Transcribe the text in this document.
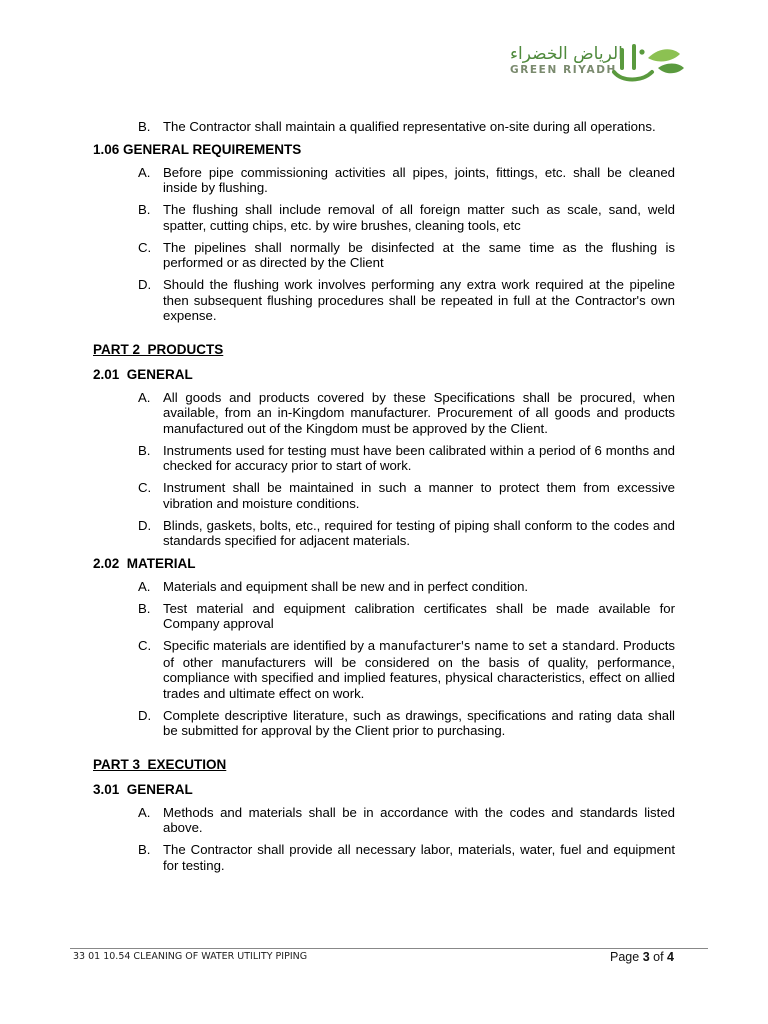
الرياض الخضراء
GREEN RIYADH
B. The Contractor shall maintain a qualified representative on-site during all operations.
1.06 GENERAL REQUIREMENTS
A. Before pipe commissioning activities all pipes, joints, fittings, etc. shall be cleaned inside by flushing.
B. The flushing shall include removal of all foreign matter such as scale, sand, weld spatter, cutting chips, etc. by wire brushes, cleaning tools, etc
C. The pipelines shall normally be disinfected at the same time as the flushing is performed or as directed by the Client
D. Should the flushing work involves performing any extra work required at the pipeline then subsequent flushing procedures shall be repeated in full at the Contractor's own expense.
PART 2  PRODUCTS
2.01  GENERAL
A. All goods and products covered by these Specifications shall be procured, when available, from an in-Kingdom manufacturer. Procurement of all goods and products manufactured out of the Kingdom must be approved by the Client.
B. Instruments used for testing must have been calibrated within a period of 6 months and checked for accuracy prior to start of work.
C. Instrument shall be maintained in such a manner to protect them from excessive vibration and moisture conditions.
D. Blinds, gaskets, bolts, etc., required for testing of piping shall conform to the codes and standards specified for adjacent materials.
2.02  MATERIAL
A. Materials and equipment shall be new and in perfect condition.
B. Test material and equipment calibration certificates shall be made available for Company approval
C. Specific materials are identified by a manufacturer's name to set a standard. Products of other manufacturers will be considered on the basis of quality, performance, compliance with specified and implied features, physical characteristics, effect on allied trades and ultimate effect on work.
D. Complete descriptive literature, such as drawings, specifications and rating data shall be submitted for approval by the Client prior to purchasing.
PART 3  EXECUTION
3.01  GENERAL
A. Methods and materials shall be in accordance with the codes and standards listed above.
B. The Contractor shall provide all necessary labor, materials, water, fuel and equipment for testing.
33 01 10.54 CLEANING OF WATER UTILITY PIPING	Page 3 of 4
